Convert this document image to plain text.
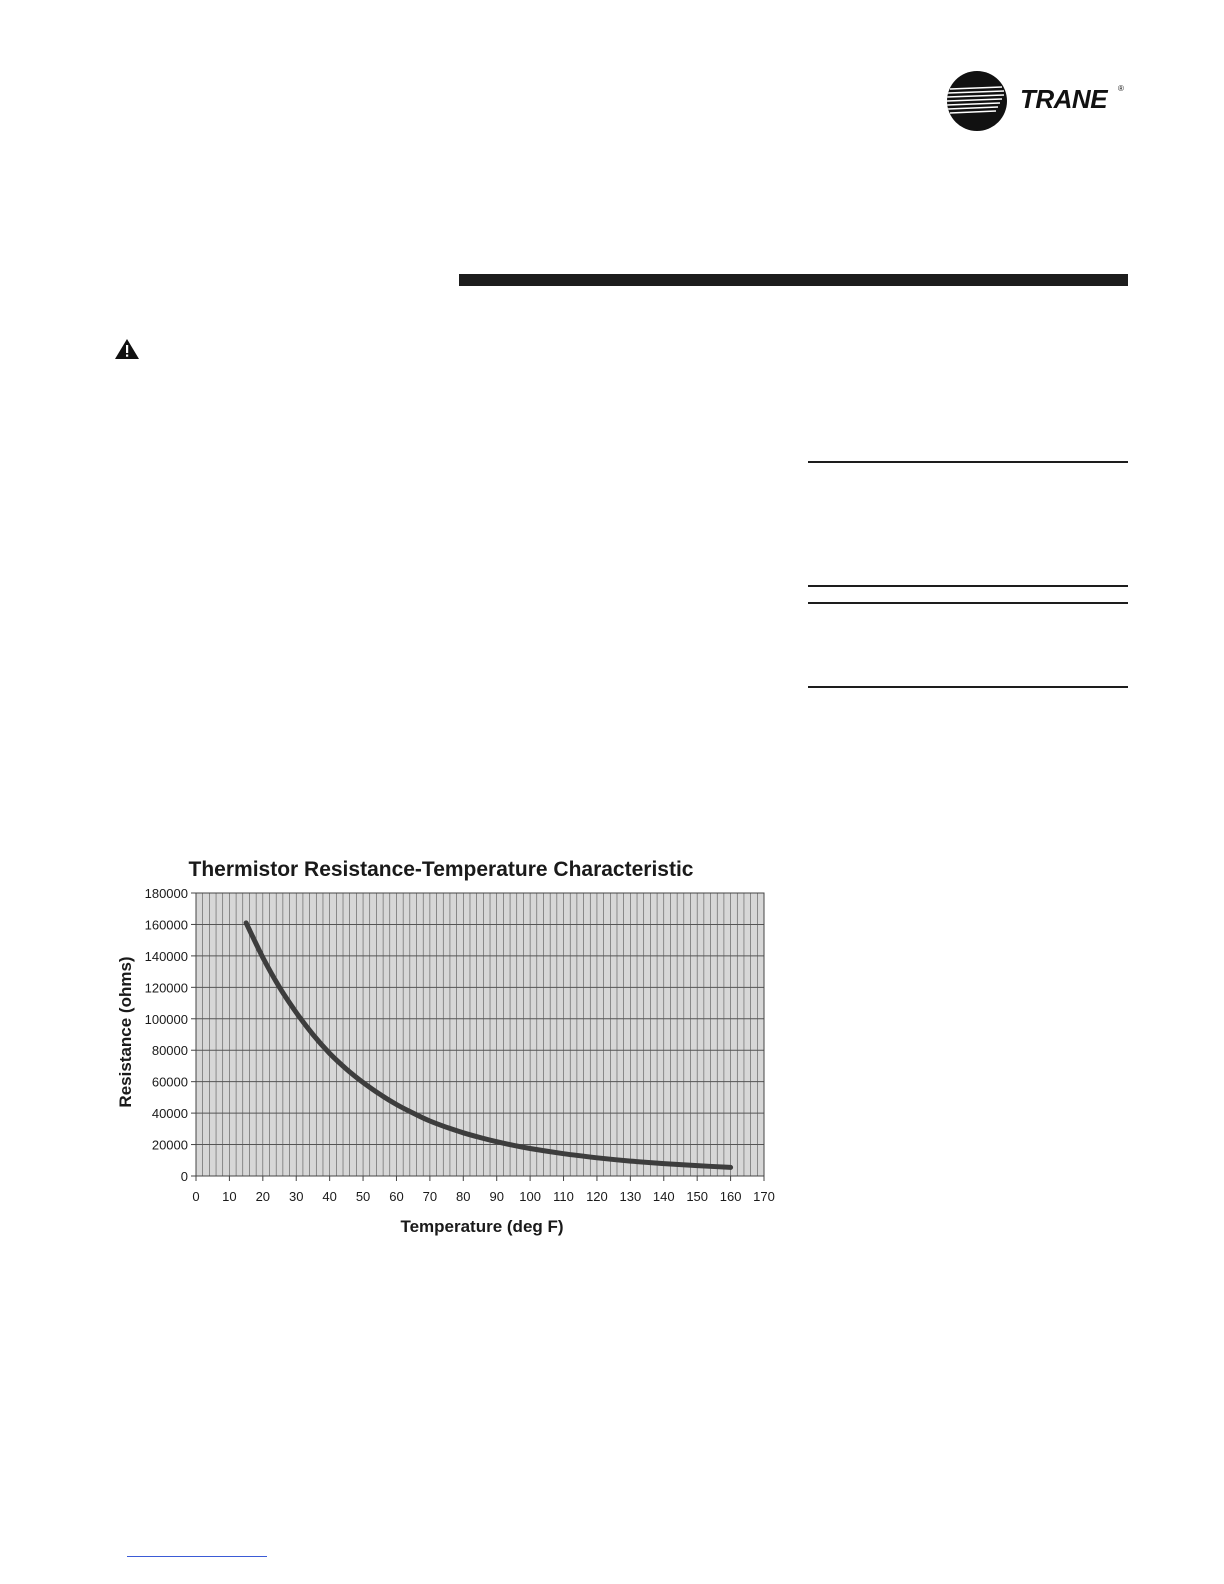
TRANE ®
Thermistor Resistance-Temperature Characteristic
0 10 20 30 40 50 60 70 80 90 100 110 120 130 140 150 160 170
0
20000
40000
60000
80000
100000
120000
140000
160000
180000
Temperature (deg F)
Resistance (ohms)
